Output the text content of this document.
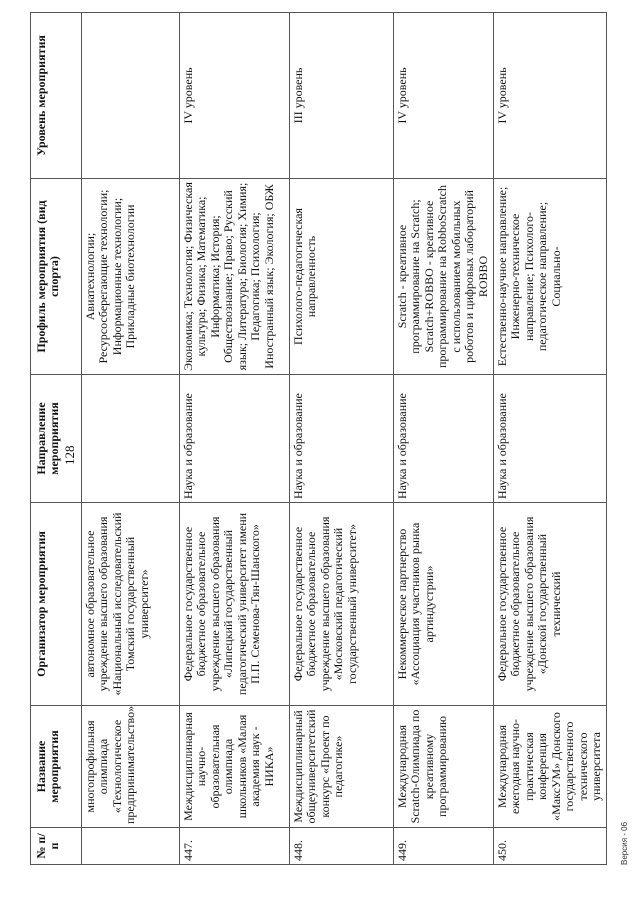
128
№ п/п	Название мероприятия	Организатор мероприятия	Направление мероприятия	Профиль мероприятия (вид спорта)	Уровень мероприятия
	многопрофильная олимпиада «Технологическое предпринимательство»	автономное образовательное учреждение высшего образования «Национальный исследовательский Томский государственный университет»		Авиатехнологии; Ресурсосберегающие технологии; Информационные технологии; Прикладные биотехнологии	
447.	Междисциплинарная научно-образовательная олимпиада школьников «Малая академия наук - НИКА»	Федеральное государственное бюджетное образовательное учреждение высшего образования «Липецкий государственный педагогический университет имени П.П. Семенова-Тян-Шанского»	Наука и образование	Экономика; Технология; Физическая культура; Физика; Математика; Информатика; История; Обществознание; Право; Русский язык; Литература; Биология; Химия; Педагогика; Психология; Иностранный язык; Экология; ОБЖ	IV уровень
448.	Междисциплинарный общеуниверситетский конкурс «Проект по педагогике»	Федеральное государственное бюджетное образовательное учреждение высшего образования «Московский педагогический государственный университет»	Наука и образование	Психолого-педагогическая направленность	III уровень
449.	Международная Scratch-Олимпиада по креативному программированию	Некоммерческое партнерство «Ассоциация участников рынка артиндустрии»	Наука и образование	Scratch - креативное программирование на Scratch; Scratch+ROBBO - креативное программирование на RobboScratch с использованием мобильных роботов и цифровых лабораторий ROBBO	IV уровень
450.	Международная ежегодная научно-практическая конференция «МаксУМ» Донского государственного технического университета	Федеральное государственное бюджетное образовательное учреждение высшего образования «Донской государственный технический	Наука и образование	Естественно-научное направление; Инженерно-техническое направление; Психолого-педагогическое направление; Социально-	IV уровень
Версия - 06
